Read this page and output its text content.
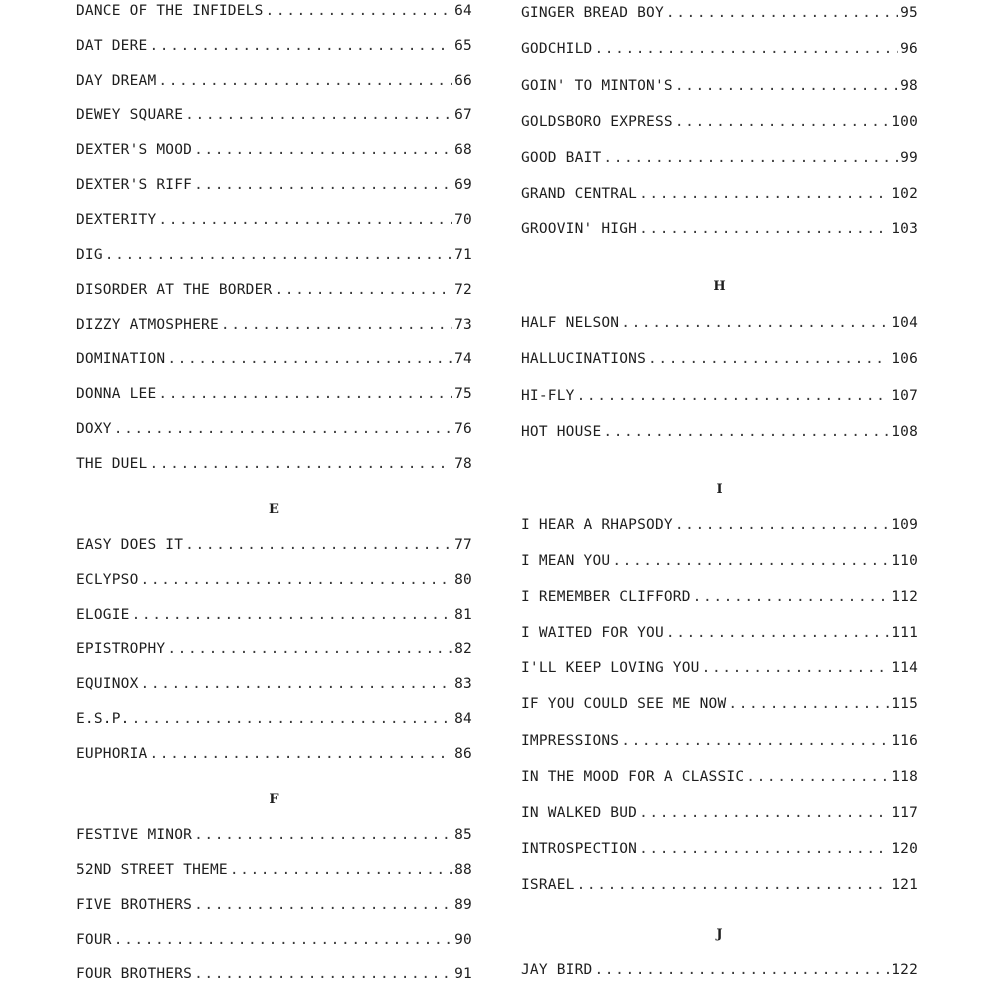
DANCE OF THE INFIDELS .....	64
DAT DERE .....	65
DAY DREAM .....	66
DEWEY SQUARE .....	67
DEXTER'S MOOD .....	68
DEXTER'S RIFF .....	69
DEXTERITY .....	70
DIG .....	71
DISORDER AT THE BORDER .....	72
DIZZY ATMOSPHERE .....	73
DOMINATION .....	74
DONNA LEE .....	75
DOXY .....	76
THE DUEL .....	78
E
EASY DOES IT .....	77
ECLYPSO .....	80
ELOGIE .....	81
EPISTROPHY .....	82
EQUINOX .....	83
E.S.P. .....	84
EUPHORIA .....	86
F
FESTIVE MINOR .....	85
52ND STREET THEME .....	88
FIVE BROTHERS .....	89
FOUR .....	90
FOUR BROTHERS .....	91
GINGER BREAD BOY .....	95
GODCHILD .....	96
GOIN' TO MINTON'S .....	98
GOLDSBORO EXPRESS .....	100
GOOD BAIT .....	99
GRAND CENTRAL .....	102
GROOVIN' HIGH .....	103
H
HALF NELSON .....	104
HALLUCINATIONS .....	106
HI-FLY .....	107
HOT HOUSE .....	108
I
I HEAR A RHAPSODY .....	109
I MEAN YOU .....	110
I REMEMBER CLIFFORD .....	112
I WAITED FOR YOU .....	111
I'LL KEEP LOVING YOU .....	114
IF YOU COULD SEE ME NOW .....	115
IMPRESSIONS .....	116
IN THE MOOD FOR A CLASSIC .....	118
IN WALKED BUD .....	117
INTROSPECTION .....	120
ISRAEL .....	121
J
JAY BIRD .....	122
